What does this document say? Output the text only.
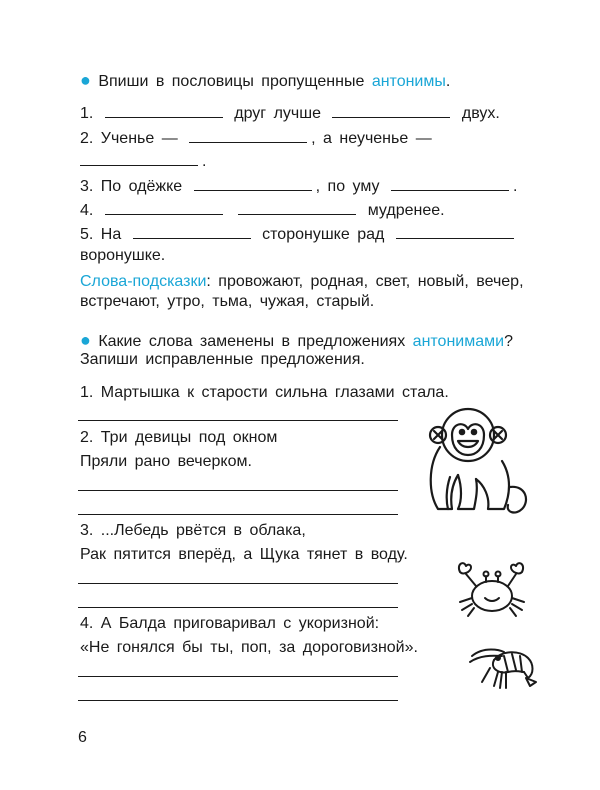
● Впиши в пословицы пропущенные антонимы.
1.	друг лучше	двух.
2. Ученье —	, а неученье —
.
3. По одёжке	, по уму	.
4.	мудренее.
5. На	сторонушке рад
воронушке.
Слова-подсказки: провожают, родная, свет, новый, вечер,
встречают, утро, тьма, чужая, старый.
● Какие слова заменены в предложениях антонимами?
Запиши исправленные предложения.
1. Мартышка к старости сильна глазами стала.
2. Три девицы под окном
Пряли рано вечерком.
3. ...Лебедь рвётся в облака,
Рак пятится вперёд, а Щука тянет в воду.
4. А Балда приговаривал с укоризной:
«Не гонялся бы ты, поп, за дороговизной».
6
